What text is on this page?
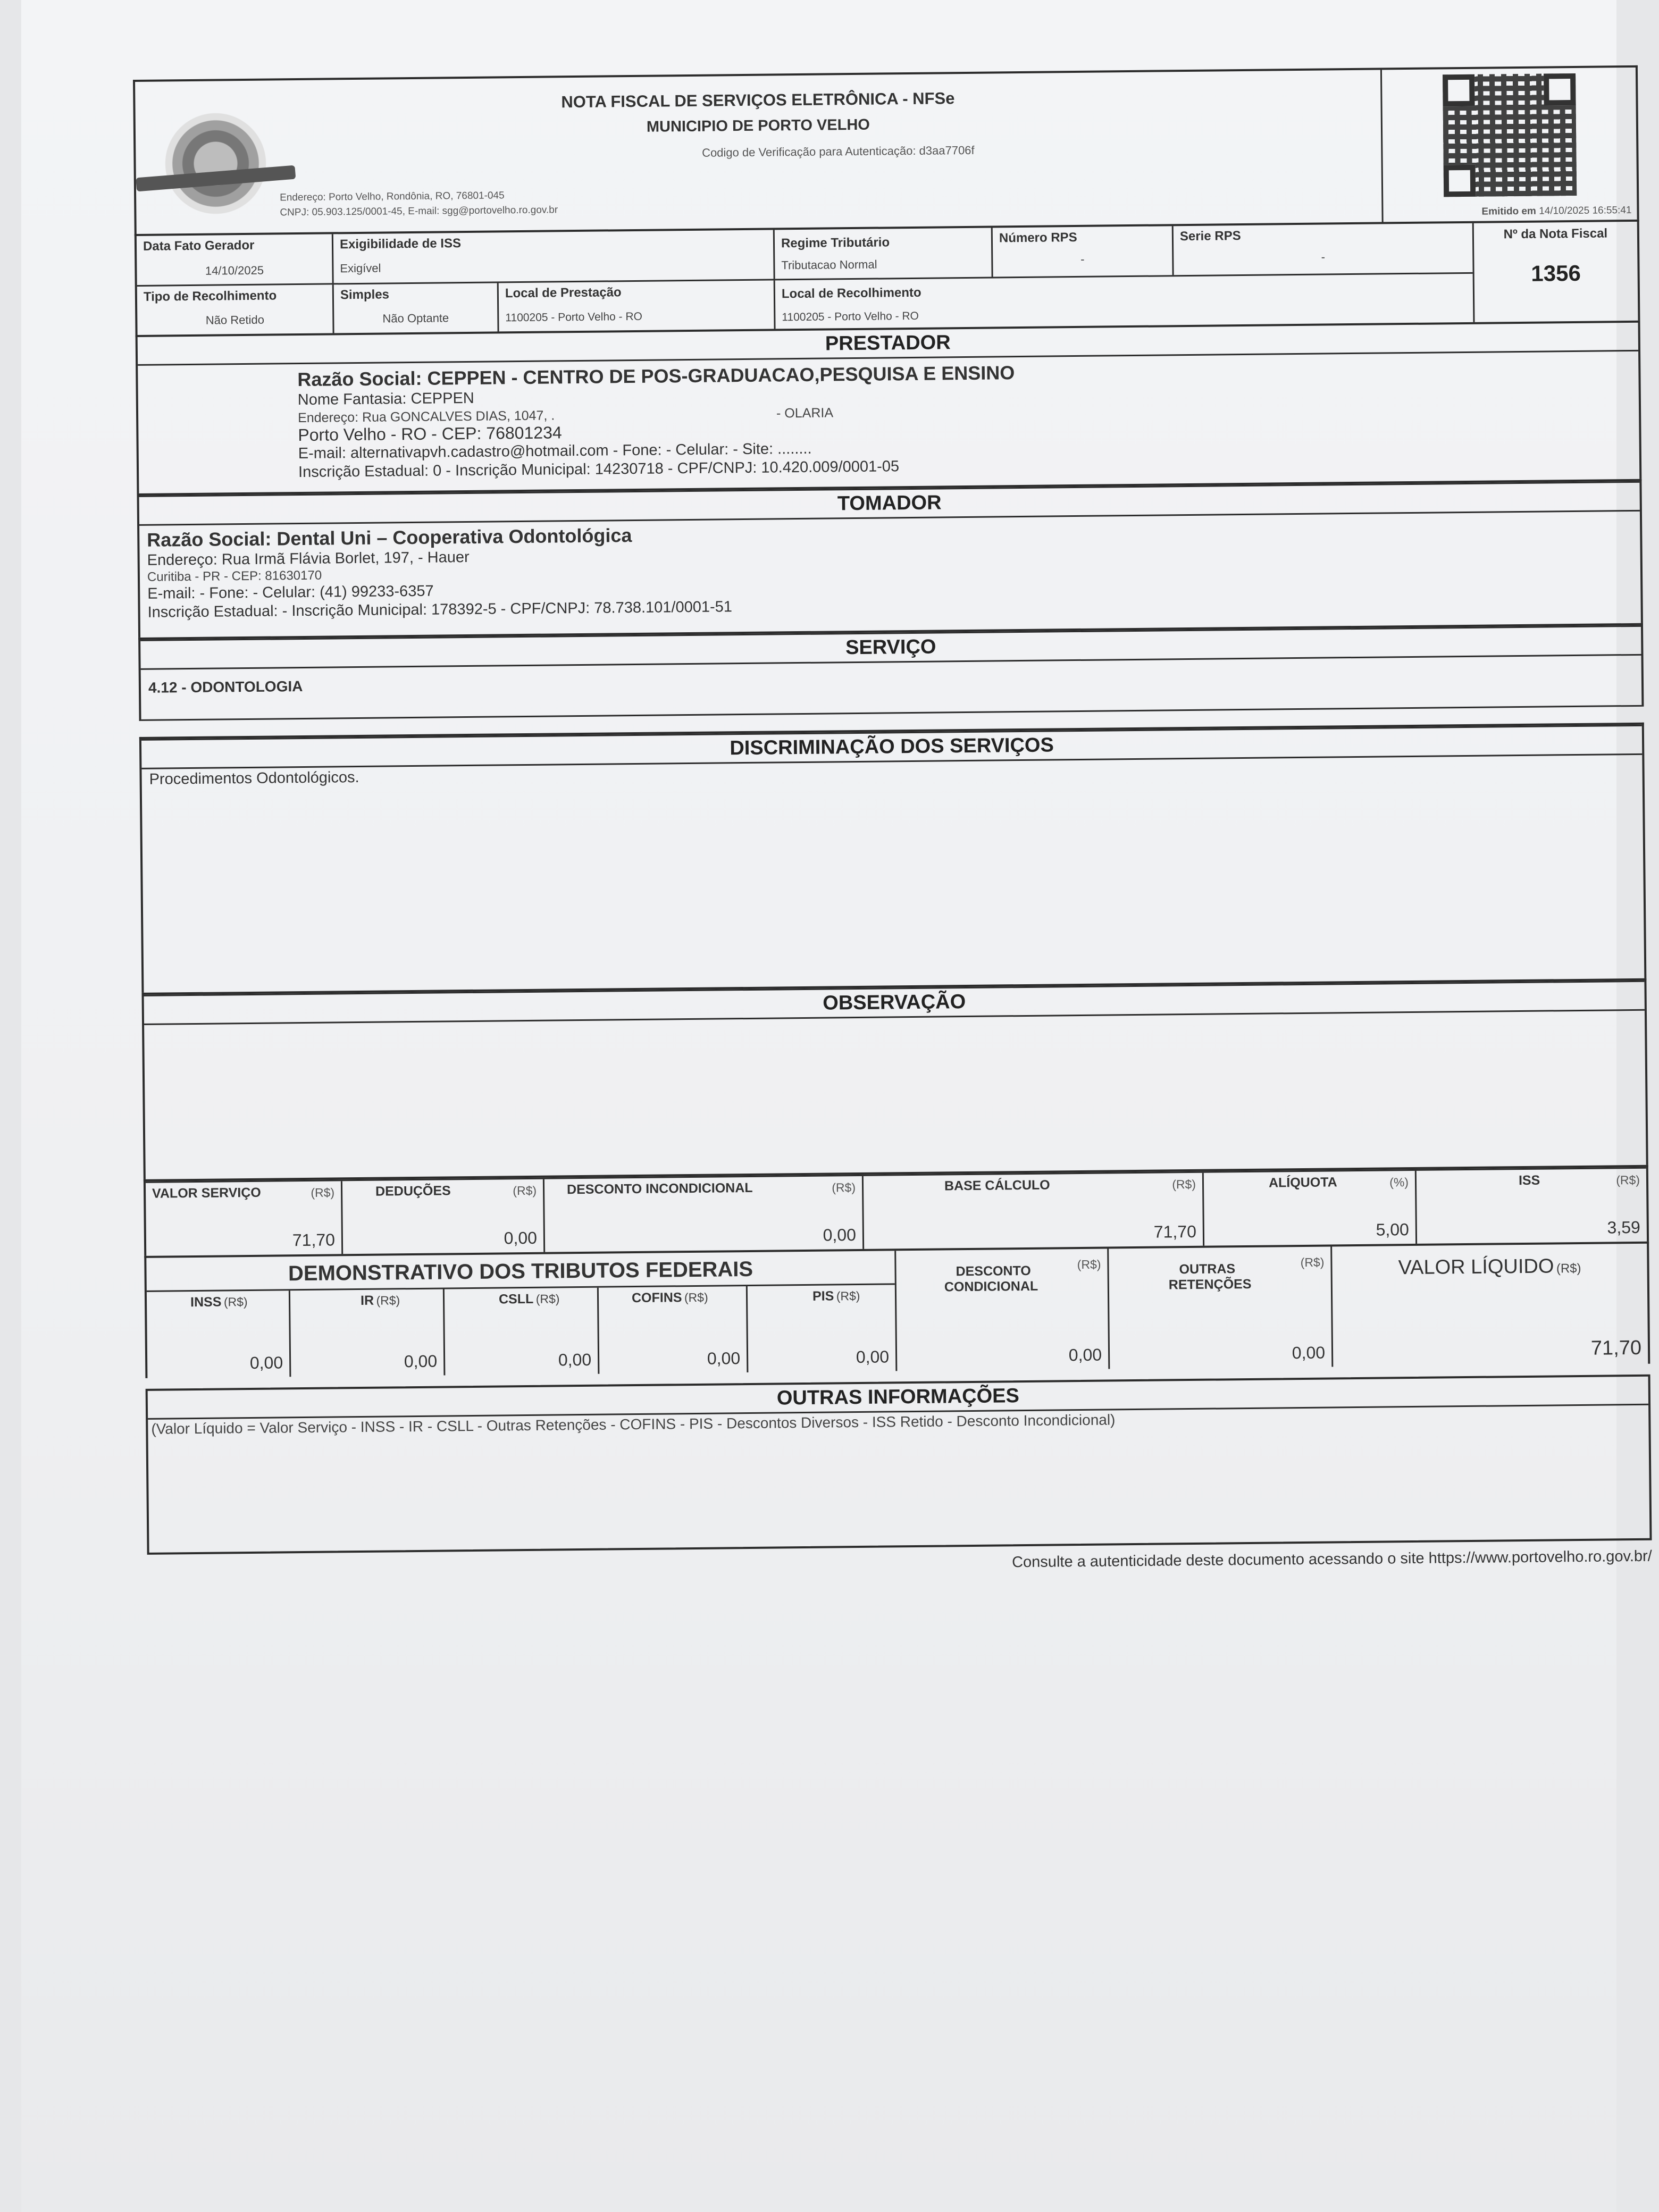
NOTA FISCAL DE SERVIÇOS ELETRÔNICA - NFSe
MUNICIPIO DE PORTO VELHO
Codigo de Verificação para Autenticação: d3aa7706f
Endereço: Porto Velho, Rondônia, RO, 76801-045
CNPJ: 05.903.125/0001-45, E-mail: sgg@portovelho.ro.gov.br	Emitido em 14/10/2025 16:55:41
Data Fato Gerador
14/10/2025
Exigibilidade de ISS
Exigível
Regime Tributário
Tributacao Normal
Número RPS
-
Serie RPS
-
Tipo de Recolhimento
Não Retido
Simples
Não Optante
Local de Prestação
1100205 - Porto Velho - RO
Local de Recolhimento
1100205 - Porto Velho - RO
Nº da Nota Fiscal
1356
PRESTADOR
Razão Social: CEPPEN - CENTRO DE POS-GRADUACAO,PESQUISA E ENSINO
Nome Fantasia: CEPPEN
Endereço: Rua GONCALVES DIAS, 1047, .	- OLARIA
Porto Velho - RO - CEP: 76801234
E-mail: alternativapvh.cadastro@hotmail.com - Fone: - Celular: - Site: ........
Inscrição Estadual: 0 - Inscrição Municipal: 14230718 - CPF/CNPJ: 10.420.009/0001-05
TOMADOR
Razão Social: Dental Uni – Cooperativa Odontológica
Endereço: Rua Irmã Flávia Borlet, 197, - Hauer
Curitiba - PR - CEP: 81630170
E-mail: - Fone: - Celular: (41) 99233-6357
Inscrição Estadual: - Inscrição Municipal: 178392-5 - CPF/CNPJ: 78.738.101/0001-51
SERVIÇO
4.12 - ODONTOLOGIA
DISCRIMINAÇÃO DOS SERVIÇOS
Procedimentos Odontológicos.
OBSERVAÇÃO
VALOR SERVIÇO	(R$)
71,70
DEDUÇÕES	(R$)
0,00
DESCONTO INCONDICIONAL	(R$)
0,00
BASE CÁLCULO	(R$)
71,70
ALÍQUOTA	(%)
5,00
ISS	(R$)
3,59
DEMONSTRATIVO DOS TRIBUTOS FEDERAIS
INSS (R$)
0,00
IR (R$)
0,00
CSLL (R$)
0,00
COFINS (R$)
0,00
PIS (R$)
0,00
DESCONTO
CONDICIONAL
(R$)
0,00
OUTRAS
RETENÇÕES
(R$)
0,00
VALOR LÍQUIDO (R$)
71,70
OUTRAS INFORMAÇÕES
(Valor Líquido = Valor Serviço - INSS - IR - CSLL - Outras Retenções - COFINS - PIS - Descontos Diversos - ISS Retido - Desconto Incondicional)
Consulte a autenticidade deste documento acessando o site https://www.portovelho.ro.gov.br/
